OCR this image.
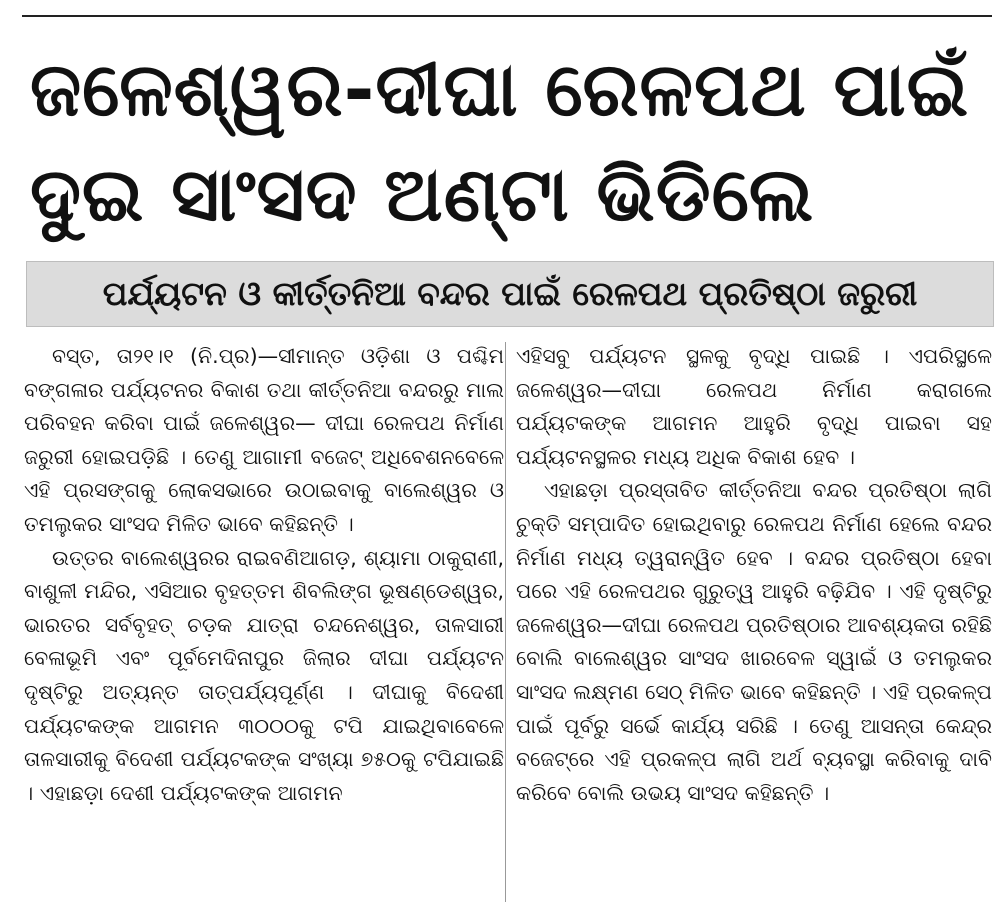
ଜଳେଶ୍ୱର-ଦୀଘା ରେଳପଥ ପାଇଁ
ଦୁଇ ସାଂସଦ ଅଣ୍ଟା ଭିଡିଲେ
ପର୍ଯ୍ୟଟନ ଓ କୀର୍ତ୍ତନିଆ ବନ୍ଦର ପାଇଁ ରେଳପଥ ପ୍ରତିଷ୍ଠା ଜରୁରୀ

ବସ୍ତ, ତା୨୧।୧ (ନି.ପ୍ର)—ସୀମାନ୍ତ ଓଡ଼ିଶା ଓ ପଶ୍ଚିମ ବଙ୍ଗଳାର ପର୍ଯ୍ୟଟନର ବିକାଶ ତଥା କୀର୍ତ୍ତନିଆ ବନ୍ଦରରୁ ମାଲ ପରିବହନ କରିବା ପାଇଁ ଜଳେଶ୍ୱର— ଦୀଘା ରେଳପଥ ନିର୍ମାଣ ଜରୁରୀ ହୋଇପଡ଼ିଛି । ତେଣୁ ଆଗାମୀ ବଜେଟ୍ ଅଧିବେଶନବେଳେ ଏହି ପ୍ରସଙ୍ଗକୁ ଲୋକସଭାରେ ଉଠାଇବାକୁ ବାଲେଶ୍ୱର ଓ ତମଲୁକର ସାଂସଦ ମିଳିତ ଭାବେ କହିଛନ୍ତି ।

ଉତ୍ତର ବାଲେଶ୍ୱରର ରାଇବଣିଆଗଡ଼, ଶ୍ୟାମା ଠାକୁରାଣୀ, ବାଶୁଳୀ ମନ୍ଦିର, ଏସିଆର ବୃହତ୍ତମ ଶିବଲିଙ୍ଗ ଭୂଷଣ୍ଡେଶ୍ୱର, ଭାରତର ସର୍ବବୃହତ୍ ଚଡ଼କ ଯାତ୍ରା ଚନ୍ଦନେଶ୍ୱର, ତାଳସାରୀ ବେଳାଭୂମି ଏବଂ ପୂର୍ବମେଦିନାପୁର ଜିଲାର ଦୀଘା ପର୍ଯ୍ୟଟନ ଦୃଷ୍ଟିରୁ ଅତ୍ୟନ୍ତ ତାତ୍ପର୍ଯ୍ୟପୂର୍ଣ୍ଣ । ଦୀଘାକୁ ବିଦେଶୀ ପର୍ଯ୍ୟଟକଙ୍କ ଆଗମନ ୩୦୦୦କୁ ଟପି ଯାଇଥିବାବେଳେ ତାଳସାରୀକୁ ବିଦେଶୀ ପର୍ଯ୍ୟଟକଙ୍କ ସଂଖ୍ୟା ୭୫୦କୁ ଟପିଯାଇଛି । ଏହାଛଡ଼ା ଦେଶୀ ପର୍ଯ୍ୟଟକଙ୍କ ଆଗମନ

ଏହିସବୁ ପର୍ଯ୍ୟଟନ ସ୍ଥଳକୁ ବୃଦ୍ଧି ପାଇଛି । ଏପରିସ୍ଥଳେ ଜଳେଶ୍ୱର—ଦୀଘା ରେଳପଥ ନିର୍ମାଣ କରାଗଲେ ପର୍ଯ୍ୟଟକଙ୍କ ଆଗମନ ଆହୁରି ବୃଦ୍ଧି ପାଇବା ସହ ପର୍ଯ୍ୟଟନସ୍ଥଳର ମଧ୍ୟ ଅଧିକ ବିକାଶ ହେବ ।

ଏହାଛଡ଼ା ପ୍ରସ୍ତାବିତ କୀର୍ତ୍ତନିଆ ବନ୍ଦର ପ୍ରତିଷ୍ଠା ଲାଗି ଚୁକ୍ତି ସମ୍ପାଦିତ ହୋଇଥିବାରୁ ରେଳପଥ ନିର୍ମାଣ ହେଲେ ବନ୍ଦର ନିର୍ମାଣ ମଧ୍ୟ ତ୍ୱରାନ୍ୱିତ ହେବ । ବନ୍ଦର ପ୍ରତିଷ୍ଠା ହେବା ପରେ ଏହି ରେଳପଥର ଗୁରୁତ୍ୱ ଆହୁରି ବଢ଼ିଯିବ । ଏହି ଦୃଷ୍ଟିରୁ ଜଳେଶ୍ୱର—ଦୀଘା ରେଳପଥ ପ୍ରତିଷ୍ଠାର ଆବଶ୍ୟକତା ରହିଛି ବୋଲି ବାଲେଶ୍ୱର ସାଂସଦ ଖାରବେଳ ସ୍ୱାଇଁ ଓ ତମଲୁକର ସାଂସଦ ଲକ୍ଷ୍ମଣ ସେଠ୍ ମିଳିତ ଭାବେ କହିଛନ୍ତି । ଏହି ପ୍ରକଳ୍ପ ପାଇଁ ପୂର୍ବରୁ ସର୍ଭେ କାର୍ଯ୍ୟ ସରିଛି । ତେଣୁ ଆସନ୍ତା କେନ୍ଦ୍ର ବଜେଟ୍‌ରେ ଏହି ପ୍ରକଳ୍ପ ଲାଗି ଅର୍ଥ ବ୍ୟବସ୍ଥା କରିବାକୁ ଦାବି କରିବେ ବୋଲି ଉଭୟ ସାଂସଦ କହିଛନ୍ତି ।
